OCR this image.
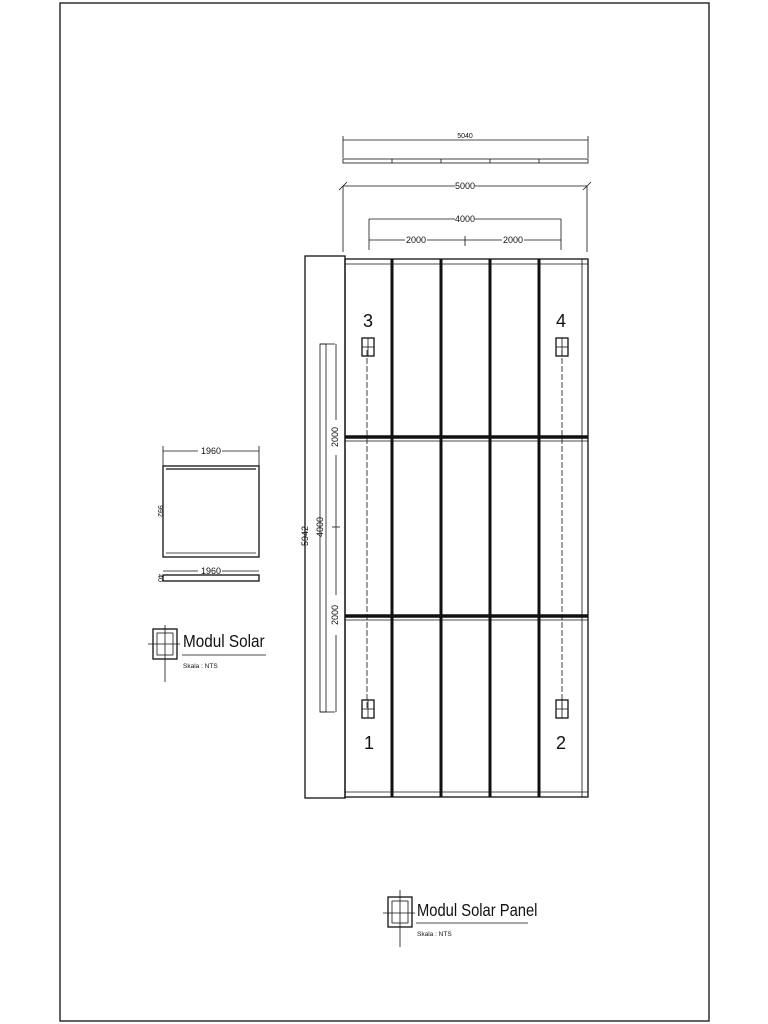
5040
5000
4000
2000	2000
3	4
1	2
5942 4000
2000
2000
1960
992
1960
40
Modul Solar
Skala : NTS
Modul Solar Panel
Skala : NTS
